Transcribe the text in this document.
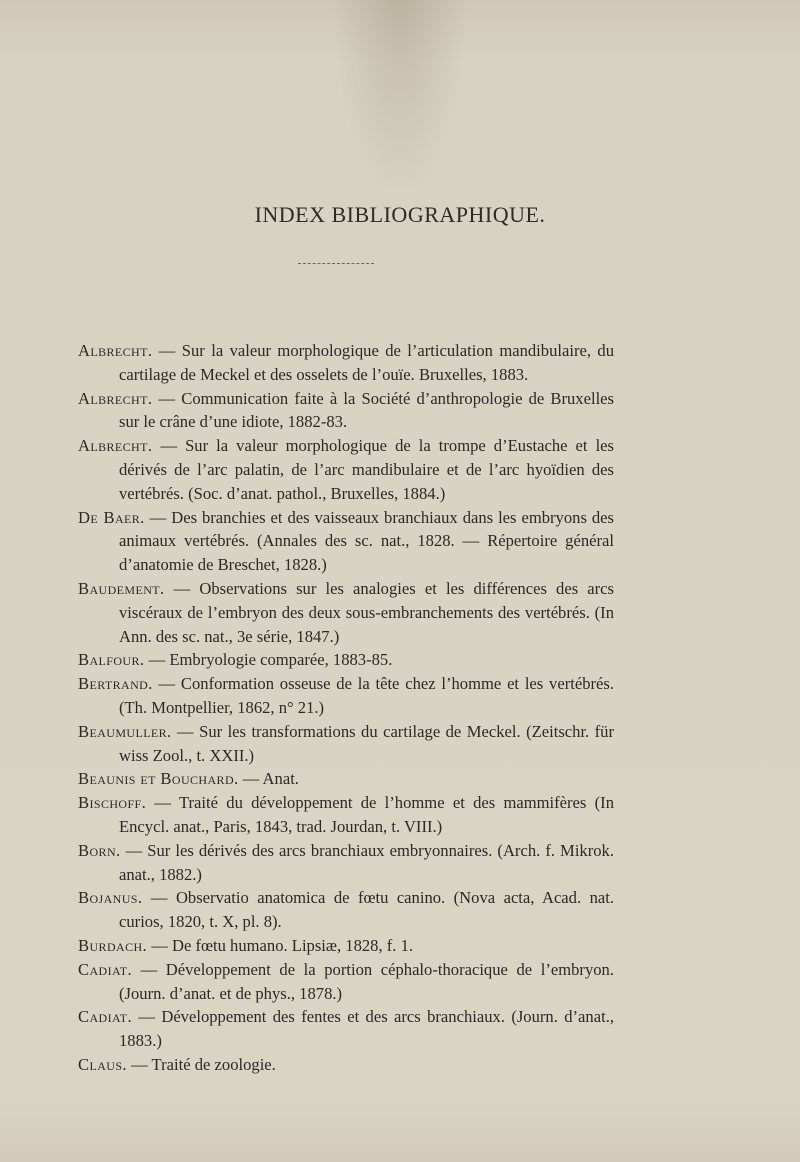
INDEX BIBLIOGRAPHIQUE.
Albrecht. — Sur la valeur morphologique de l’articulation mandibulaire, du cartilage de Meckel et des osselets de l’ouïe. Bruxelles, 1883.
Albrecht. — Communication faite à la Société d’anthropologie de Bruxelles sur le crâne d’une idiote, 1882-83.
Albrecht. — Sur la valeur morphologique de la trompe d’Eustache et les dérivés de l’arc palatin, de l’arc mandibulaire et de l’arc hyoïdien des vertébrés. (Soc. d’anat. pathol., Bruxelles, 1884.)
De Baer. — Des branchies et des vaisseaux branchiaux dans les embryons des animaux vertébrés. (Annales des sc. nat., 1828. — Répertoire général d’anatomie de Breschet, 1828.)
Baudement. — Observations sur les analogies et les différences des arcs viscéraux de l’embryon des deux sous-embranchements des vertébrés. (In Ann. des sc. nat., 3e série, 1847.)
Balfour. — Embryologie comparée, 1883-85.
Bertrand. — Conformation osseuse de la tête chez l’homme et les vertébrés. (Th. Montpellier, 1862, n° 21.)
Beaumuller. — Sur les transformations du cartilage de Meckel. (Zeitschr. für wiss Zool., t. XXII.)
Beaunis et Bouchard. — Anat.
Bischoff. — Traité du développement de l’homme et des mammifères (In Encycl. anat., Paris, 1843, trad. Jourdan, t. VIII.)
Born. — Sur les dérivés des arcs branchiaux embryonnaires. (Arch. f. Mikrok. anat., 1882.)
Bojanus. — Observatio anatomica de fœtu canino. (Nova acta, Acad. nat. curios, 1820, t. X, pl. 8).
Burdach. — De fœtu humano. Lipsiæ, 1828, f. 1.
Cadiat. — Développement de la portion céphalo-thoracique de l’embryon. (Journ. d’anat. et de phys., 1878.)
Cadiat. — Développement des fentes et des arcs branchiaux. (Journ. d’anat., 1883.)
Claus. — Traité de zoologie.
